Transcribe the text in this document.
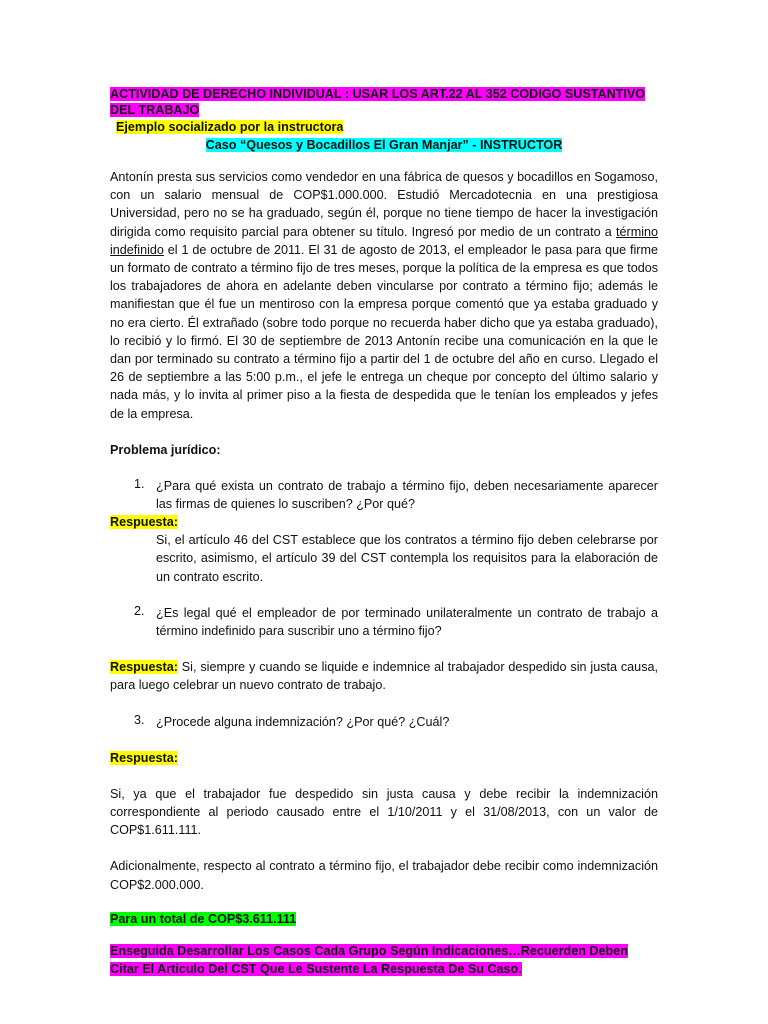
ACTIVIDAD DE DERECHO INDIVIDUAL : USAR LOS ART.22 AL 352 CODIGO SUSTANTIVO DEL TRABAJO

Ejemplo socializado por la instructora

Caso “Quesos y Bocadillos El Gran Manjar” - INSTRUCTOR

Antonín presta sus servicios como vendedor en una fábrica de quesos y bocadillos en Sogamoso, con un salario mensual de COP$1.000.000. Estudió Mercadotecnia en una prestigiosa Universidad, pero no se ha graduado, según él, porque no tiene tiempo de hacer la investigación dirigida como requisito parcial para obtener su título. Ingresó por medio de un contrato a término indefinido el 1 de octubre de 2011. El 31 de agosto de 2013, el empleador le pasa para que firme un formato de contrato a término fijo de tres meses, porque la política de la empresa es que todos los trabajadores de ahora en adelante deben vincularse por contrato a término fijo; además le manifiestan que él fue un mentiroso con la empresa porque comentó que ya estaba graduado y no era cierto. Él extrañado (sobre todo porque no recuerda haber dicho que ya estaba graduado), lo recibió y lo firmó. El 30 de septiembre de 2013 Antonín recibe una comunicación en la que le dan por terminado su contrato a término fijo a partir del 1 de octubre del año en curso. Llegado el 26 de septiembre a las 5:00 p.m., el jefe le entrega un cheque por concepto del último salario y nada más, y lo invita al primer piso a la fiesta de despedida que le tenían los empleados y jefes de la empresa.

Problema jurídico:

1. ¿Para qué exista un contrato de trabajo a término fijo, deben necesariamente aparecer las firmas de quienes lo suscriben? ¿Por qué?

Respuesta:

Si, el artículo 46 del CST establece que los contratos a término fijo deben celebrarse por escrito, asimismo, el artículo 39 del CST contempla los requisitos para la elaboración de un contrato escrito.

2. ¿Es legal qué el empleador de por terminado unilateralmente un contrato de trabajo a término indefinido para suscribir uno a término fijo?

Respuesta: Si, siempre y cuando se liquide e indemnice al trabajador despedido sin justa causa, para luego celebrar un nuevo contrato de trabajo.

3. ¿Procede alguna indemnización? ¿Por qué? ¿Cuál?

Respuesta:

Si, ya que el trabajador fue despedido sin justa causa y debe recibir la indemnización correspondiente al periodo causado entre el 1/10/2011 y el 31/08/2013, con un valor de COP$1.611.111.

Adicionalmente, respecto al contrato a término fijo, el trabajador debe recibir como indemnización COP$2.000.000.

Para un total de COP$3.611.111

Enseguida Desarrollar Los Casos Cada Grupo Según Indicaciones…Recuerden Deben Citar El Articulo Del CST Que Le Sustente La Respuesta De Su Caso.
